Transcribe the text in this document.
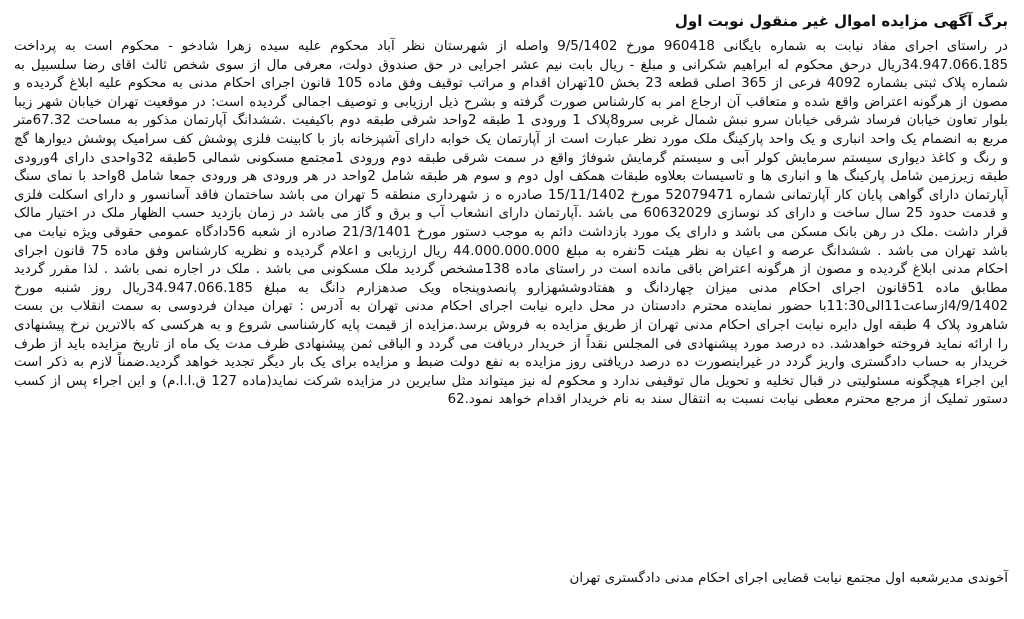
برگ آگهی مزایده اموال غیر منقول نوبت اول

در راستای اجرای مفاد نیابت به شماره بایگانی 960418 مورخ 9/5/1402 واصله از شهرستان نظر آباد محکوم علیه سیده زهرا شادخو - محکوم است به پرداخت 34.947.066.185ریال درحق محکوم له ابراهیم شکرانی و مبلغ - ریال بابت نیم عشر اجرایی در حق صندوق دولت، معرفی مال از سوی شخص ثالث اقای رضا سلسبیل به شماره پلاک ثبتی بشماره 4092 فرعی از 365 اصلی قطعه 23 بخش 10تهران اقدام و مراتب توقیف وفق ماده 105 قانون اجرای احکام مدنی به محکوم علیه ابلاغ گردیده و مصون از هرگونه اعتراض واقع شده و متعاقب آن ارجاع امر به کارشناس صورت گرفته و بشرح ذیل ارزیابی و توصیف اجمالی گردیده است: در موقعیت تهران خیابان شهر زیبا بلوار تعاون خیابان فرساد شرقی خیابان سرو نبش شمال غربی سرو8پلاک 1 ورودی 1 طبقه 2واحد شرقی طبقه دوم باکیفیت .ششدانگ آپارتمان مذکور به مساحت 67.32متر مربع به انضمام یک واحد انباری و یک واحد پارکینگ ملک مورد نظر عبارت است از آپارتمان یک خوابه دارای آشپزخانه باز با کابینت فلزی پوشش کف سرامیک پوشش دیوارها گچ و رنگ و کاغذ دیواری سیستم سرمایش کولر آبی و سیستم گرمایش شوفاژ واقع در سمت شرقی طبقه دوم ورودی 1مجتمع مسکونی شمالی 5طبقه 32واحدی دارای 4ورودی طبقه زیرزمین شامل پارکینگ ها و انباری ها و تاسیسات بعلاوه طبقات همکف اول دوم و سوم هر طبقه شامل 2واحد در هر ورودی هر ورودی جمعا شامل 8واحد با نمای سنگ آپارتمان دارای گواهی پایان کار آپارتمانی شماره 52079471 مورخ 15/11/1402 صادره ه ز شهرداری منطقه 5 تهران می باشد ساختمان فاقد آسانسور و دارای اسکلت فلزی و قدمت حدود 25 سال ساخت و دارای کد نوسازی 60632029 می باشد .آپارتمان دارای انشعاب آب و برق و گاز می باشد در زمان بازدید حسب الظهار ملک در اختیار مالک قرار داشت .ملک در رهن بانک مسکن می باشد و دارای یک مورد بازداشت دائم به موجب دستور مورخ 21/3/1401 صادره از شعبه 56دادگاه عمومی حقوقی ویژه نیابت می باشد تهران می باشد . ششدانگ عرصه و اعیان به نظر هیئت 5نفره به مبلغ 44.000.000.000 ریال ارزیابی و اعلام گردیده و نظریه کارشناس وفق ماده 75 قانون اجرای احکام مدنی ابلاغ گردیده و مصون از هرگونه اعتراض باقی مانده است در راستای ماده 138مشخص گردید ملک مسکونی می باشد . ملک در اجاره نمی باشد . لذا مقرر گردید مطابق ماده 51قانون اجرای احکام مدنی میزان چهاردانگ و هفتادوششهزارو پانصدوپنجاه ویک صدهزارم دانگ به مبلغ 34.947.066.185ریال روز شنبه مورخ 4/9/1402ازساعت11الی11:30با حضور نماینده محترم دادستان در محل دایره نیابت اجرای احکام مدنی تهران به آدرس : تهران میدان فردوسی به سمت انقلاب بن بست شاهرود پلاک 4 طبقه اول دایره نیابت اجرای احکام مدنی تهران از طریق مزایده به فروش برسد.مزایده از قیمت پایه کارشناسی شروع و به هرکسی که بالاترین نرخ پیشنهادی را ارائه نماید فروخته خواهدشد. ده درصد مورد پیشنهادی فی المجلس نقداً از خریدار دریافت می گردد و الباقی ثمن پیشنهادی ظرف مدت یک ماه از تاریخ مزایده باید از طرف خریدار به حساب دادگستری واریز گردد در غیراینصورت ده درصد دریافتی روز مزایده به نفع دولت ضبط و مزایده برای یک بار دیگر تجدید خواهد گردید.ضمناً لازم به ذکر است این اجراء هیچگونه مسئولیتی در قبال تخلیه و تحویل مال توقیفی ندارد و محکوم له نیز میتواند مثل سایرین در مزایده شرکت نماید(ماده 127 ق.ا.ا.م) و این اجراء پس از کسب دستور تملیک از مرجع محترم معطی نیابت نسبت به انتقال سند به نام خریدار اقدام خواهد نمود.62

آخوندی مدیرشعبه اول مجتمع نیابت قضایی اجرای احکام مدنی دادگستری تهران
